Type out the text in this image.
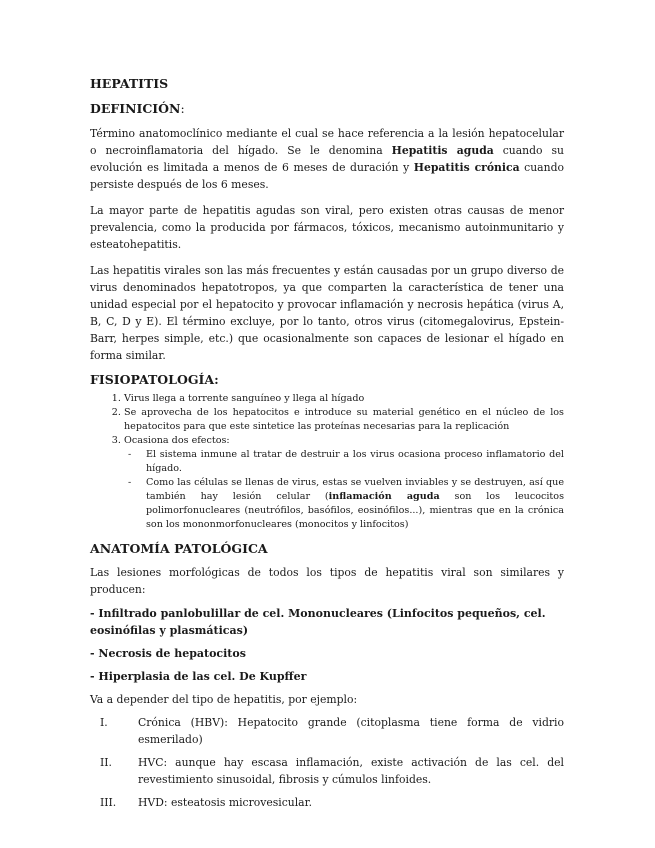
HEPATITIS

DEFINICIÓN:

Término anatomoclínico mediante el cual se hace referencia a la lesión hepatocelular o necroinflamatoria del hígado. Se le denomina Hepatitis aguda cuando su evolución es limitada a menos de 6 meses de duración y Hepatitis crónica cuando persiste después de los 6 meses.

La mayor parte de hepatitis agudas son viral, pero existen otras causas de menor prevalencia, como la producida por fármacos, tóxicos, mecanismo autoinmunitario y esteatohepatitis.

Las hepatitis virales son las más frecuentes y están causadas por un grupo diverso de virus denominados hepatotropos, ya que comparten la característica de tener una unidad especial por el hepatocito y provocar inflamación y necrosis hepática (virus A, B, C, D y E). El término excluye, por lo tanto, otros virus (citomegalovirus, Epstein-Barr, herpes simple, etc.) que ocasionalmente son capaces de lesionar el hígado en forma similar.

FISIOPATOLOGÍA:

1. Virus llega a torrente sanguíneo y llega al hígado
2. Se aprovecha de los hepatocitos e introduce su material genético en el núcleo de los hepatocitos para que este sintetice las proteínas necesarias para la replicación
3. Ocasiona dos efectos:
- El sistema inmune al tratar de destruir a los virus ocasiona proceso inflamatorio del hígado.
- Como las células se llenas de virus, estas se vuelven inviables y se destruyen, así que también hay lesión celular (inflamación aguda son los leucocitos polimorfonucleares (neutrófilos, basófilos, eosinófilos...), mientras que en la crónica son los mononmorfonucleares (monocitos y linfocitos)

ANATOMÍA PATOLÓGICA

Las lesiones morfológicas de todos los tipos de hepatitis viral son similares y producen:

- Infiltrado panlobulillar de cel. Mononucleares (Linfocitos pequeños, cel. eosinófilas y plasmáticas)

- Necrosis de hepatocitos

- Hiperplasia de las cel. De Kupffer

Va a depender del tipo de hepatitis, por ejemplo:

I.	Crónica (HBV): Hepatocito grande (citoplasma tiene forma de vidrio esmerilado)
II.	HVC: aunque hay escasa inflamación, existe activación de las cel. del revestimiento sinusoidal, fibrosis y cúmulos linfoides.
III.	HVD: esteatosis microvesicular.
